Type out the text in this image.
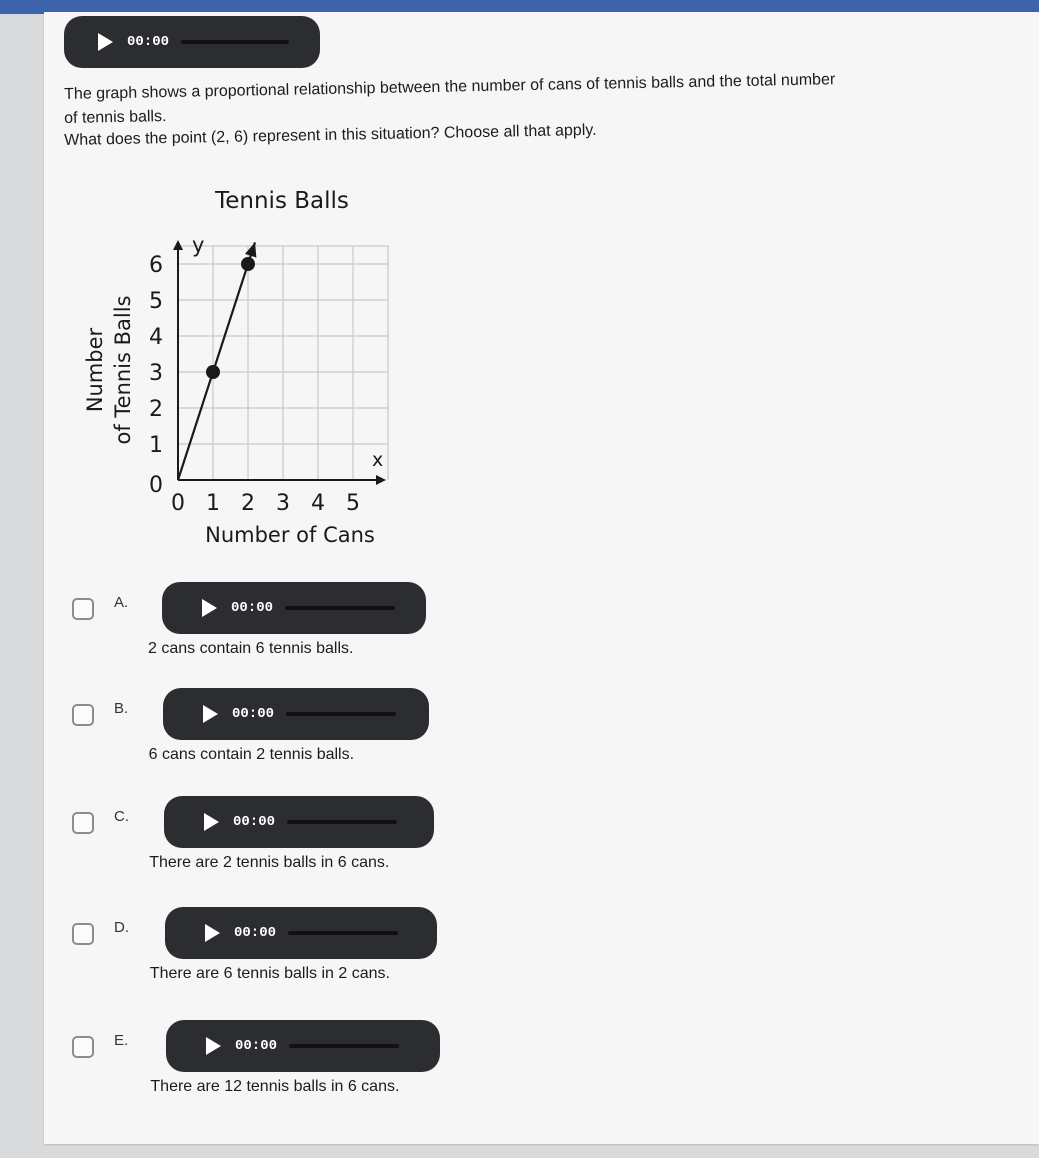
00:00
The graph shows a proportional relationship between the number of cans of tennis balls and the total number
of tennis balls.
What does the point (2, 6) represent in this situation? Choose all that apply.
Tennis Balls
0 1 2 3 4 5
0
1
2
3
4
5
6
Number of Cans
Number of Tennis Balls
y
x
A.	00:00
2 cans contain 6 tennis balls.
B.	00:00
6 cans contain 2 tennis balls.
C.	00:00
There are 2 tennis balls in 6 cans.
D.	00:00
There are 6 tennis balls in 2 cans.
E.	00:00
There are 12 tennis balls in 6 cans.
